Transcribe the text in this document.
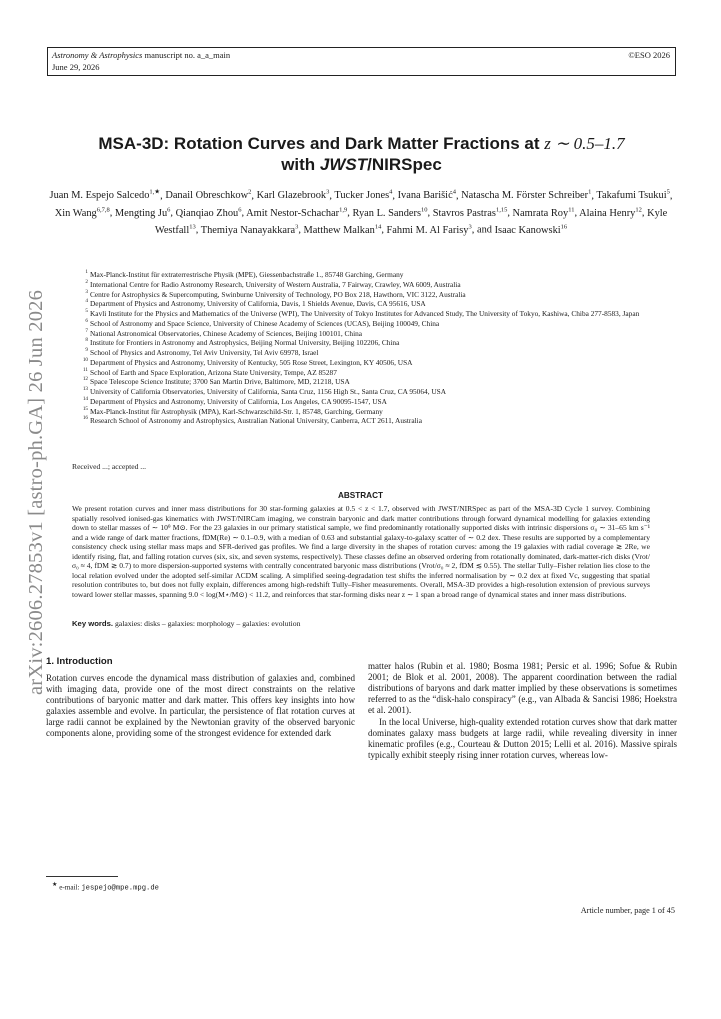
Astronomy & Astrophysics manuscript no. a_a_main
June 29, 2026
©ESO 2026
arXiv:2606.27853v1 [astro-ph.GA] 26 Jun 2026
MSA-3D: Rotation Curves and Dark Matter Fractions at z ∼ 0.5–1.7
with JWST/NIRSpec
Juan M. Espejo Salcedo$^{1,★}$, Danail Obreschkow$^2$, Karl Glazebrook$^3$, Tucker Jones$^4$, Ivana Barišić$^4$, Natascha M. Förster Schreiber$^1$, Takafumi Tsukui$^5$, Xin Wang$^{6,7,8}$, Mengting Ju$^6$, Qianqiao Zhou$^6$, Amit Nestor-Schachar$^{1,9}$, Ryan L. Sanders$^{10}$, Stavros Pastras$^{1,15}$, Namrata Roy$^{11}$, Alaina Henry$^{12}$, Kyle Westfall$^{13}$, Themiya Nanayakkara$^3$, Matthew Malkan$^{14}$, Fahmi M. Al Farisy$^3$, and Isaac Kanowski$^{16}$
1 Max-Planck-Institut für extraterrestrische Physik (MPE), Giessenbachstraße 1., 85748 Garching, Germany
2 International Centre for Radio Astronomy Research, University of Western Australia, 7 Fairway, Crawley, WA 6009, Australia
3 Centre for Astrophysics & Supercomputing, Swinburne University of Technology, PO Box 218, Hawthorn, VIC 3122, Australia
4 Department of Physics and Astronomy, University of California, Davis, 1 Shields Avenue, Davis, CA 95616, USA
5 Kavli Institute for the Physics and Mathematics of the Universe (WPI), The University of Tokyo Institutes for Advanced Study, The University of Tokyo, Kashiwa, Chiba 277-8583, Japan
6 School of Astronomy and Space Science, University of Chinese Academy of Sciences (UCAS), Beijing 100049, China
7 National Astronomical Observatories, Chinese Academy of Sciences, Beijing 100101, China
8 Institute for Frontiers in Astronomy and Astrophysics, Beijing Normal University, Beijing 102206, China
9 School of Physics and Astronomy, Tel Aviv University, Tel Aviv 69978, Israel
10 Department of Physics and Astronomy, University of Kentucky, 505 Rose Street, Lexington, KY 40506, USA
11 School of Earth and Space Exploration, Arizona State University, Tempe, AZ 85287
12 Space Telescope Science Institute; 3700 San Martin Drive, Baltimore, MD, 21218, USA
13 University of California Observatories, University of California, Santa Cruz, 1156 High St., Santa Cruz, CA 95064, USA
14 Department of Physics and Astronomy, University of California, Los Angeles, CA 90095-1547, USA
15 Max-Planck-Institut für Astrophysik (MPA), Karl-Schwarzschild-Str. 1, 85748, Garching, Germany
16 Research School of Astronomy and Astrophysics, Australian National University, Canberra, ACT 2611, Australia
Received ...; accepted ...
ABSTRACT
We present rotation curves and inner mass distributions for 30 star-forming galaxies at 0.5 < z < 1.7, observed with JWST/NIRSpec as part of the MSA-3D Cycle 1 survey. Combining spatially resolved ionised-gas kinematics with JWST/NIRCam imaging, we constrain baryonic and dark matter contributions through forward dynamical modelling for galaxies extending down to stellar masses of ∼ 10⁹ M⊙. For the 23 galaxies in our primary statistical sample, we find predominantly rotationally supported disks with intrinsic dispersions σ₀ ∼ 31–65 km s⁻¹ and a wide range of dark matter fractions, fDM(Re) ∼ 0.1–0.9, with a median of 0.63 and substantial galaxy-to-galaxy scatter of ∼ 0.2 dex. These results are supported by a complementary consistency check using stellar mass maps and SFR-derived gas profiles. We find a large diversity in the shapes of rotation curves: among the 19 galaxies with radial coverage ≳ 2Re, we identify rising, flat, and falling rotation curves (six, six, and seven systems, respectively). These classes define an observed ordering from rotationally dominated, dark-matter-rich disks (Vrot/σ₀ ≈ 4, fDM ≳ 0.7) to more dispersion-supported systems with centrally concentrated baryonic mass distributions (Vrot/σ₀ ≈ 2, fDM ≲ 0.55). The stellar Tully–Fisher relation lies close to the local relation evolved under the adopted self-similar ΛCDM scaling. A simplified seeing-degradation test shifts the inferred normalisation by ∼ 0.2 dex at fixed Vc, suggesting that spatial resolution contributes to, but does not fully explain, differences among high-redshift Tully–Fisher measurements. Overall, MSA-3D provides a high-resolution extension of previous surveys toward lower stellar masses, spanning 9.0 < log(M⋆/M⊙) < 11.2, and reinforces that star-forming disks near z ∼ 1 span a broad range of dynamical states and inner mass distributions.
Key words. galaxies: disks – galaxies: morphology – galaxies: evolution
1. Introduction
Rotation curves encode the dynamical mass distribution of galaxies and, combined with imaging data, provide one of the most direct constraints on the relative contributions of baryonic matter and dark matter. This offers key insights into how galaxies assemble and evolve. In particular, the persistence of flat rotation curves at large radii cannot be explained by the Newtonian gravity of the observed baryonic components alone, providing some of the strongest evidence for extended dark
matter halos (Rubin et al. 1980; Bosma 1981; Persic et al. 1996; Sofue & Rubin 2001; de Blok et al. 2001, 2008). The apparent coordination between the radial distributions of baryons and dark matter implied by these observations is sometimes referred to as the “disk-halo conspiracy” (e.g., van Albada & Sancisi 1986; Hoekstra et al. 2001).
In the local Universe, high-quality extended rotation curves show that dark matter dominates galaxy mass budgets at large radii, while revealing diversity in inner kinematic profiles (e.g., Courteau & Dutton 2015; Lelli et al. 2016). Massive spirals typically exhibit steeply rising inner rotation curves, whereas low-
★ e-mail: jespejo@mpe.mpg.de
Article number, page 1 of 45
